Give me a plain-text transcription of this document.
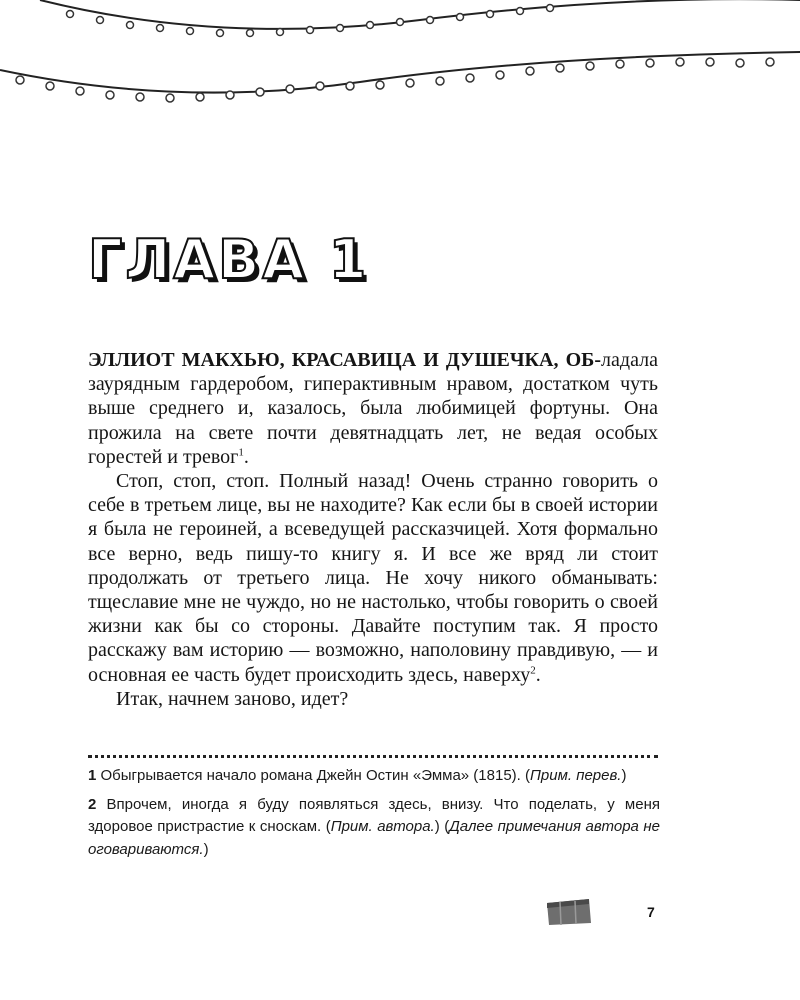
ГЛАВА 1

ЭЛЛИОТ МАКХЬЮ, КРАСАВИЦА И ДУШЕЧКА, ОБ-ладала заурядным гардеробом, гиперактивным нравом, достатком чуть выше среднего и, казалось, была любимицей фортуны. Она прожила на свете почти девятнадцать лет, не ведая особых горестей и тревог$^1$.

Стоп, стоп, стоп. Полный назад! Очень странно говорить о себе в третьем лице, вы не находите? Как если бы в своей истории я была не героиней, а всеведущей рассказчицей. Хотя формально все верно, ведь пишу-то книгу я. И все же вряд ли стоит продолжать от третьего лица. Не хочу никого обманывать: тщеславие мне не чуждо, но не настолько, чтобы говорить о своей жизни как бы со стороны. Давайте поступим так. Я просто расскажу вам историю — возможно, наполовину правдивую, — и основная ее часть будет происходить здесь, наверху$^2$.

Итак, начнем заново, идет?

1 Обыгрывается начало романа Джейн Остин «Эмма» (1815). (Прим. перев.)

2 Впрочем, иногда я буду появляться здесь, внизу. Что поделать, у меня здоровое пристрастие к сноскам. (Прим. автора.) (Далее примечания автора не оговариваются.)

7
